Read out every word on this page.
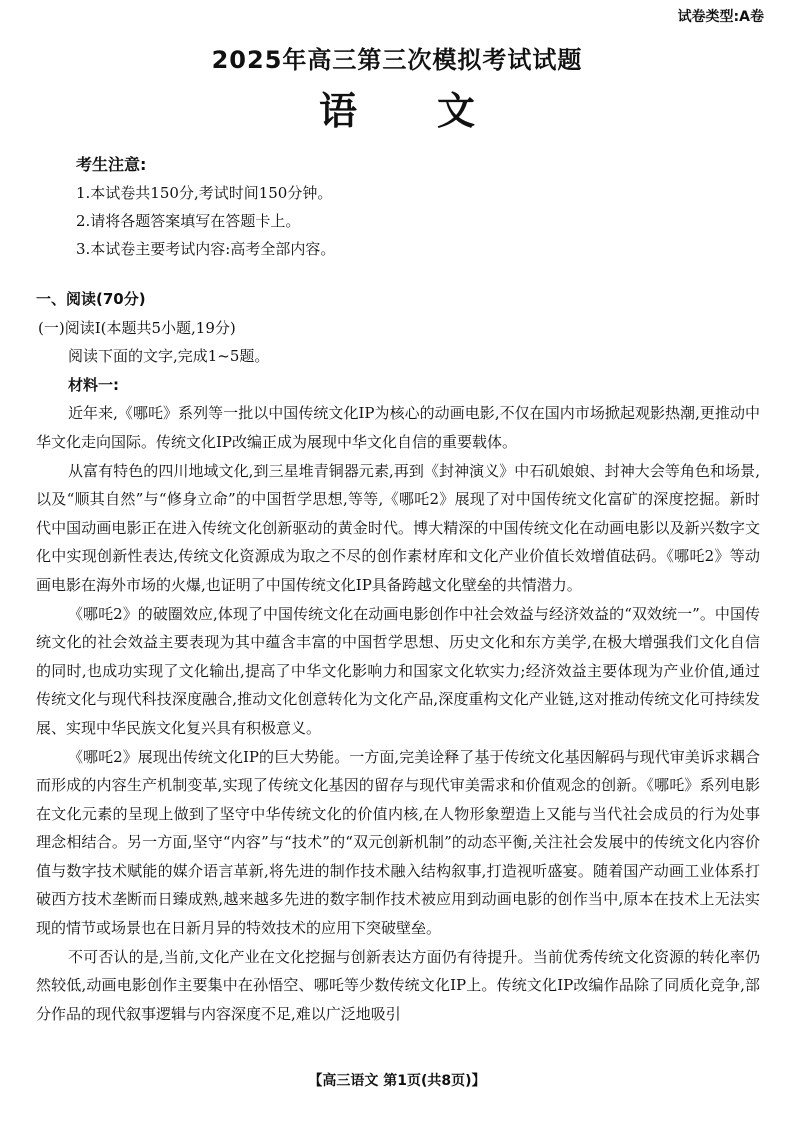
试卷类型:A卷
2025年高三第三次模拟考试试题
语文
考生注意:
1.本试卷共150分,考试时间150分钟。
2.请将各题答案填写在答题卡上。
3.本试卷主要考试内容:高考全部内容。
一、阅读(70分)
(一)阅读Ⅰ(本题共5小题,19分)
阅读下面的文字,完成1~5题。
材料一:

近年来,《哪吒》系列等一批以中国传统文化IP为核心的动画电影,不仅在国内市场掀起观影热潮,更推动中华文化走向国际。传统文化IP改编正成为展现中华文化自信的重要载体。

从富有特色的四川地域文化,到三星堆青铜器元素,再到《封神演义》中石矶娘娘、封神大会等角色和场景,以及“顺其自然”与“修身立命”的中国哲学思想,等等,《哪吒2》展现了对中国传统文化富矿的深度挖掘。新时代中国动画电影正在进入传统文化创新驱动的黄金时代。博大精深的中国传统文化在动画电影以及新兴数字文化中实现创新性表达,传统文化资源成为取之不尽的创作素材库和文化产业价值长效增值砝码。《哪吒2》等动画电影在海外市场的火爆,也证明了中国传统文化IP具备跨越文化壁垒的共情潜力。

《哪吒2》的破圈效应,体现了中国传统文化在动画电影创作中社会效益与经济效益的“双效统一”。中国传统文化的社会效益主要表现为其中蕴含丰富的中国哲学思想、历史文化和东方美学,在极大增强我们文化自信的同时,也成功实现了文化输出,提高了中华文化影响力和国家文化软实力;经济效益主要体现为产业价值,通过传统文化与现代科技深度融合,推动文化创意转化为文化产品,深度重构文化产业链,这对推动传统文化可持续发展、实现中华民族文化复兴具有积极意义。

《哪吒2》展现出传统文化IP的巨大势能。一方面,完美诠释了基于传统文化基因解码与现代审美诉求耦合而形成的内容生产机制变革,实现了传统文化基因的留存与现代审美需求和价值观念的创新。《哪吒》系列电影在文化元素的呈现上做到了坚守中华传统文化的价值内核,在人物形象塑造上又能与当代社会成员的行为处事理念相结合。另一方面,坚守“内容”与“技术”的“双元创新机制”的动态平衡,关注社会发展中的传统文化内容价值与数字技术赋能的媒介语言革新,将先进的制作技术融入结构叙事,打造视听盛宴。随着国产动画工业体系打破西方技术垄断而日臻成熟,越来越多先进的数字制作技术被应用到动画电影的创作当中,原本在技术上无法实现的情节或场景也在日新月异的特效技术的应用下突破壁垒。

不可否认的是,当前,文化产业在文化挖掘与创新表达方面仍有待提升。当前优秀传统文化资源的转化率仍然较低,动画电影创作主要集中在孙悟空、哪吒等少数传统文化IP上。传统文化IP改编作品除了同质化竞争,部分作品的现代叙事逻辑与内容深度不足,难以广泛地吸引

【高三语文 第1页(共8页)】
